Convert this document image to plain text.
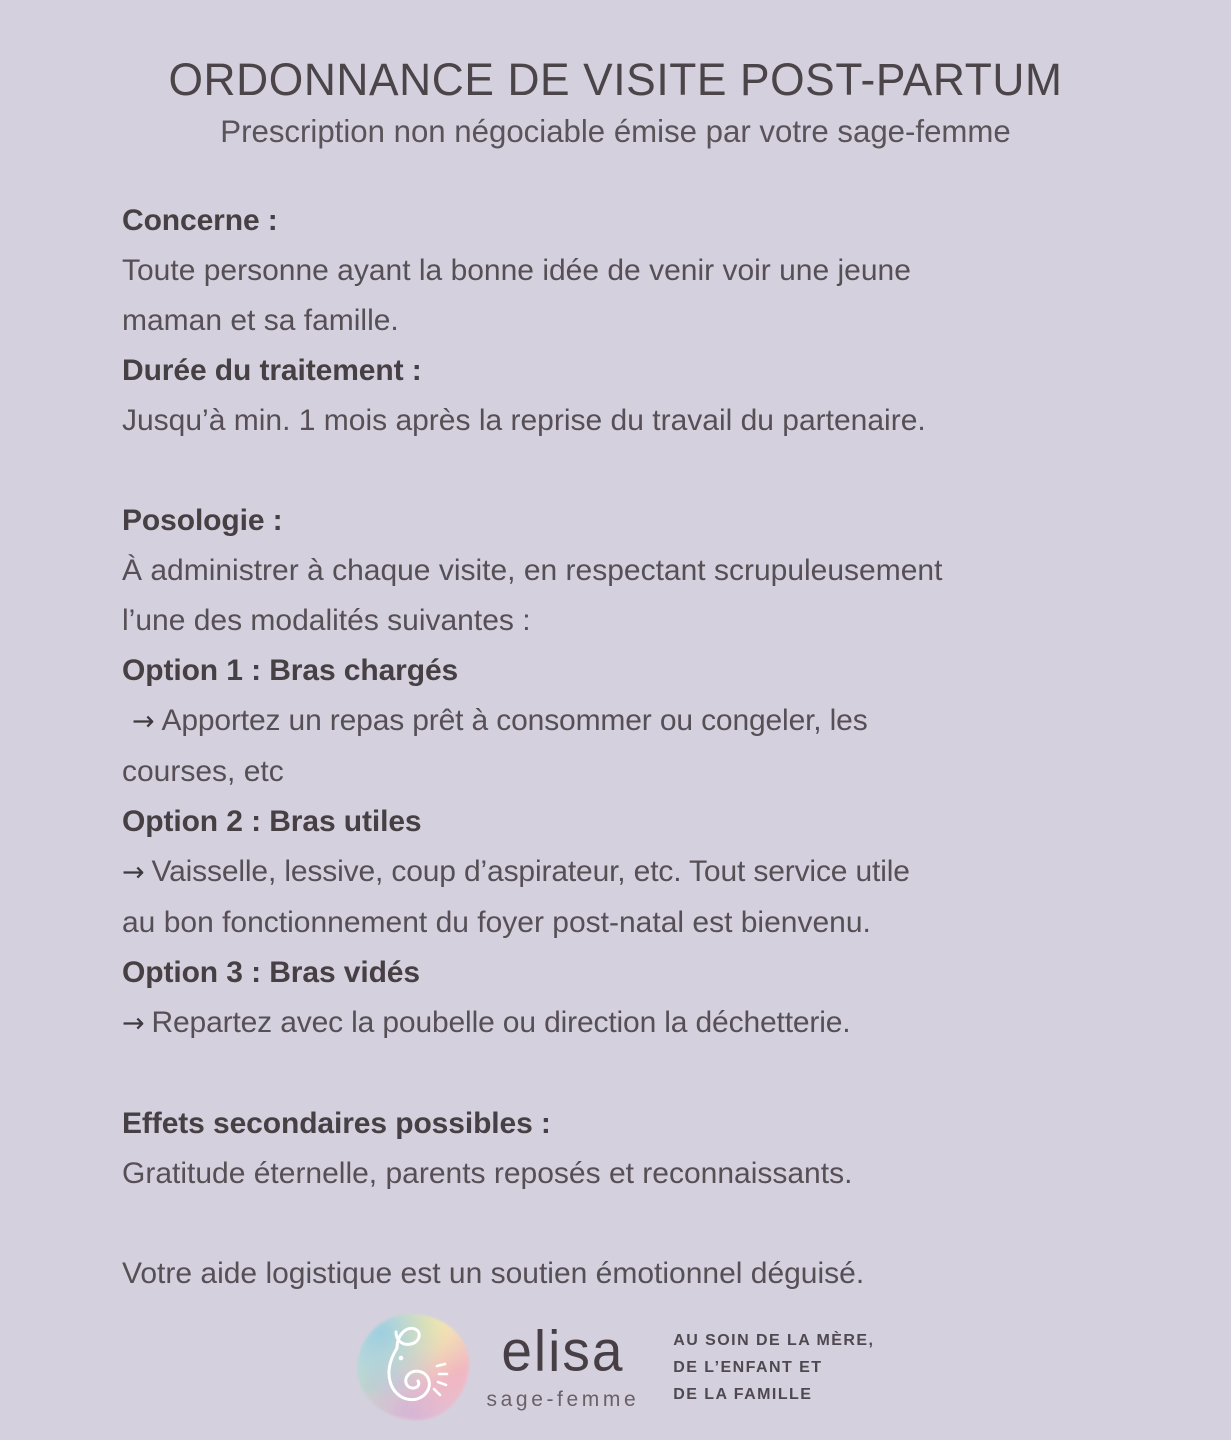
ORDONNANCE DE VISITE POST-PARTUM

Prescription non négociable émise par votre sage-femme

Concerne :
Toute personne ayant la bonne idée de venir voir une jeune
maman et sa famille.
Durée du traitement :
Jusqu’à min. 1 mois après la reprise du travail du partenaire.
Posologie :
À administrer à chaque visite, en respectant scrupuleusement
l’une des modalités suivantes :
Option 1 : Bras chargés
→ Apportez un repas prêt à consommer ou congeler, les
courses, etc
Option 2 : Bras utiles
→ Vaisselle, lessive, coup d’aspirateur, etc. Tout service utile
au bon fonctionnement du foyer post-natal est bienvenu.
Option 3 : Bras vidés
→ Repartez avec la poubelle ou direction la déchetterie.
Effets secondaires possibles :
Gratitude éternelle, parents reposés et reconnaissants.
Votre aide logistique est un soutien émotionnel déguisé.
elisa
sage-femme
AU SOIN DE LA MÈRE,
DE L’ENFANT ET
DE LA FAMILLE
